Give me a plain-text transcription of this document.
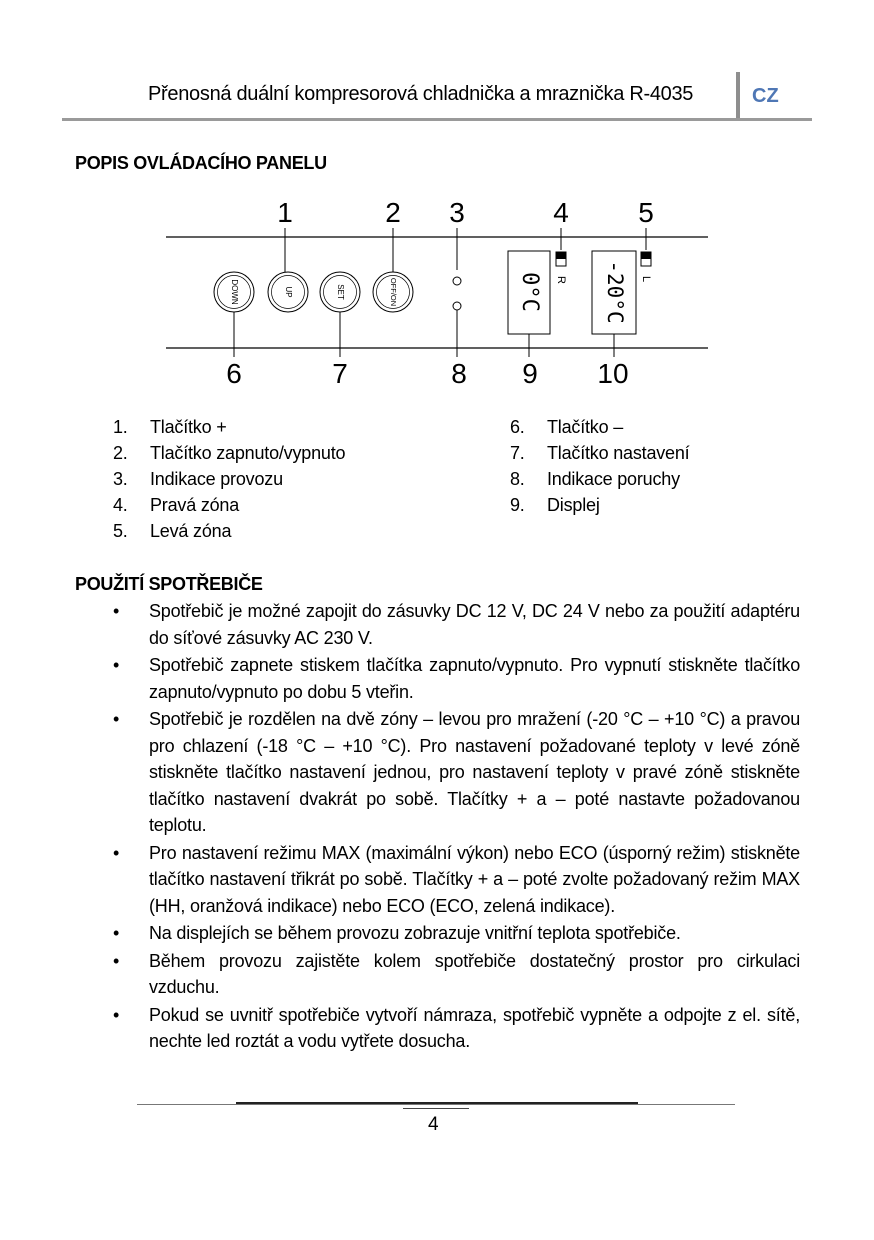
Přenosná duální kompresorová chladnička a mraznička R-4035	CZ
POPIS OVLÁDACÍHO PANELU
1	2 3	4 5
DOWN	UP	SET	OFF/ON	0°C	-20°C
R	L
6	7	8 9 10
1. Tlačítko +
2. Tlačítko zapnuto/vypnuto
3. Indikace provozu
4. Pravá zóna
5. Levá zóna
6. Tlačítko –
7. Tlačítko nastavení
8. Indikace poruchy
9. Displej
POUŽITÍ SPOTŘEBIČE
• Spotřebič je možné zapojit do zásuvky DC 12 V, DC 24 V nebo za použití adaptéru do síťové zásuvky AC 230 V.
• Spotřebič zapnete stiskem tlačítka zapnuto/vypnuto. Pro vypnutí stiskněte tlačítko zapnuto/vypnuto po dobu 5 vteřin.
• Spotřebič je rozdělen na dvě zóny – levou pro mražení (-20 °C – +10 °C) a pravou pro chlazení (-18 °C – +10 °C). Pro nastavení požadované teploty v levé zóně stiskněte tlačítko nastavení jednou, pro nastavení teploty v pravé zóně stiskněte tlačítko nastavení dvakrát po sobě. Tlačítky + a – poté nastavte požadovanou teplotu.
• Pro nastavení režimu MAX (maximální výkon) nebo ECO (úsporný režim) stiskněte tlačítko nastavení třikrát po sobě. Tlačítky + a – poté zvolte požadovaný režim MAX (HH, oranžová indikace) nebo ECO (ECO, zelená indikace).
• Na displejích se během provozu zobrazuje vnitřní teplota spotřebiče.
• Během provozu zajistěte kolem spotřebiče dostatečný prostor pro cirkulaci vzduchu.
• Pokud se uvnitř spotřebiče vytvoří námraza, spotřebič vypněte a odpojte z el. sítě, nechte led roztát a vodu vytřete dosucha.
4
